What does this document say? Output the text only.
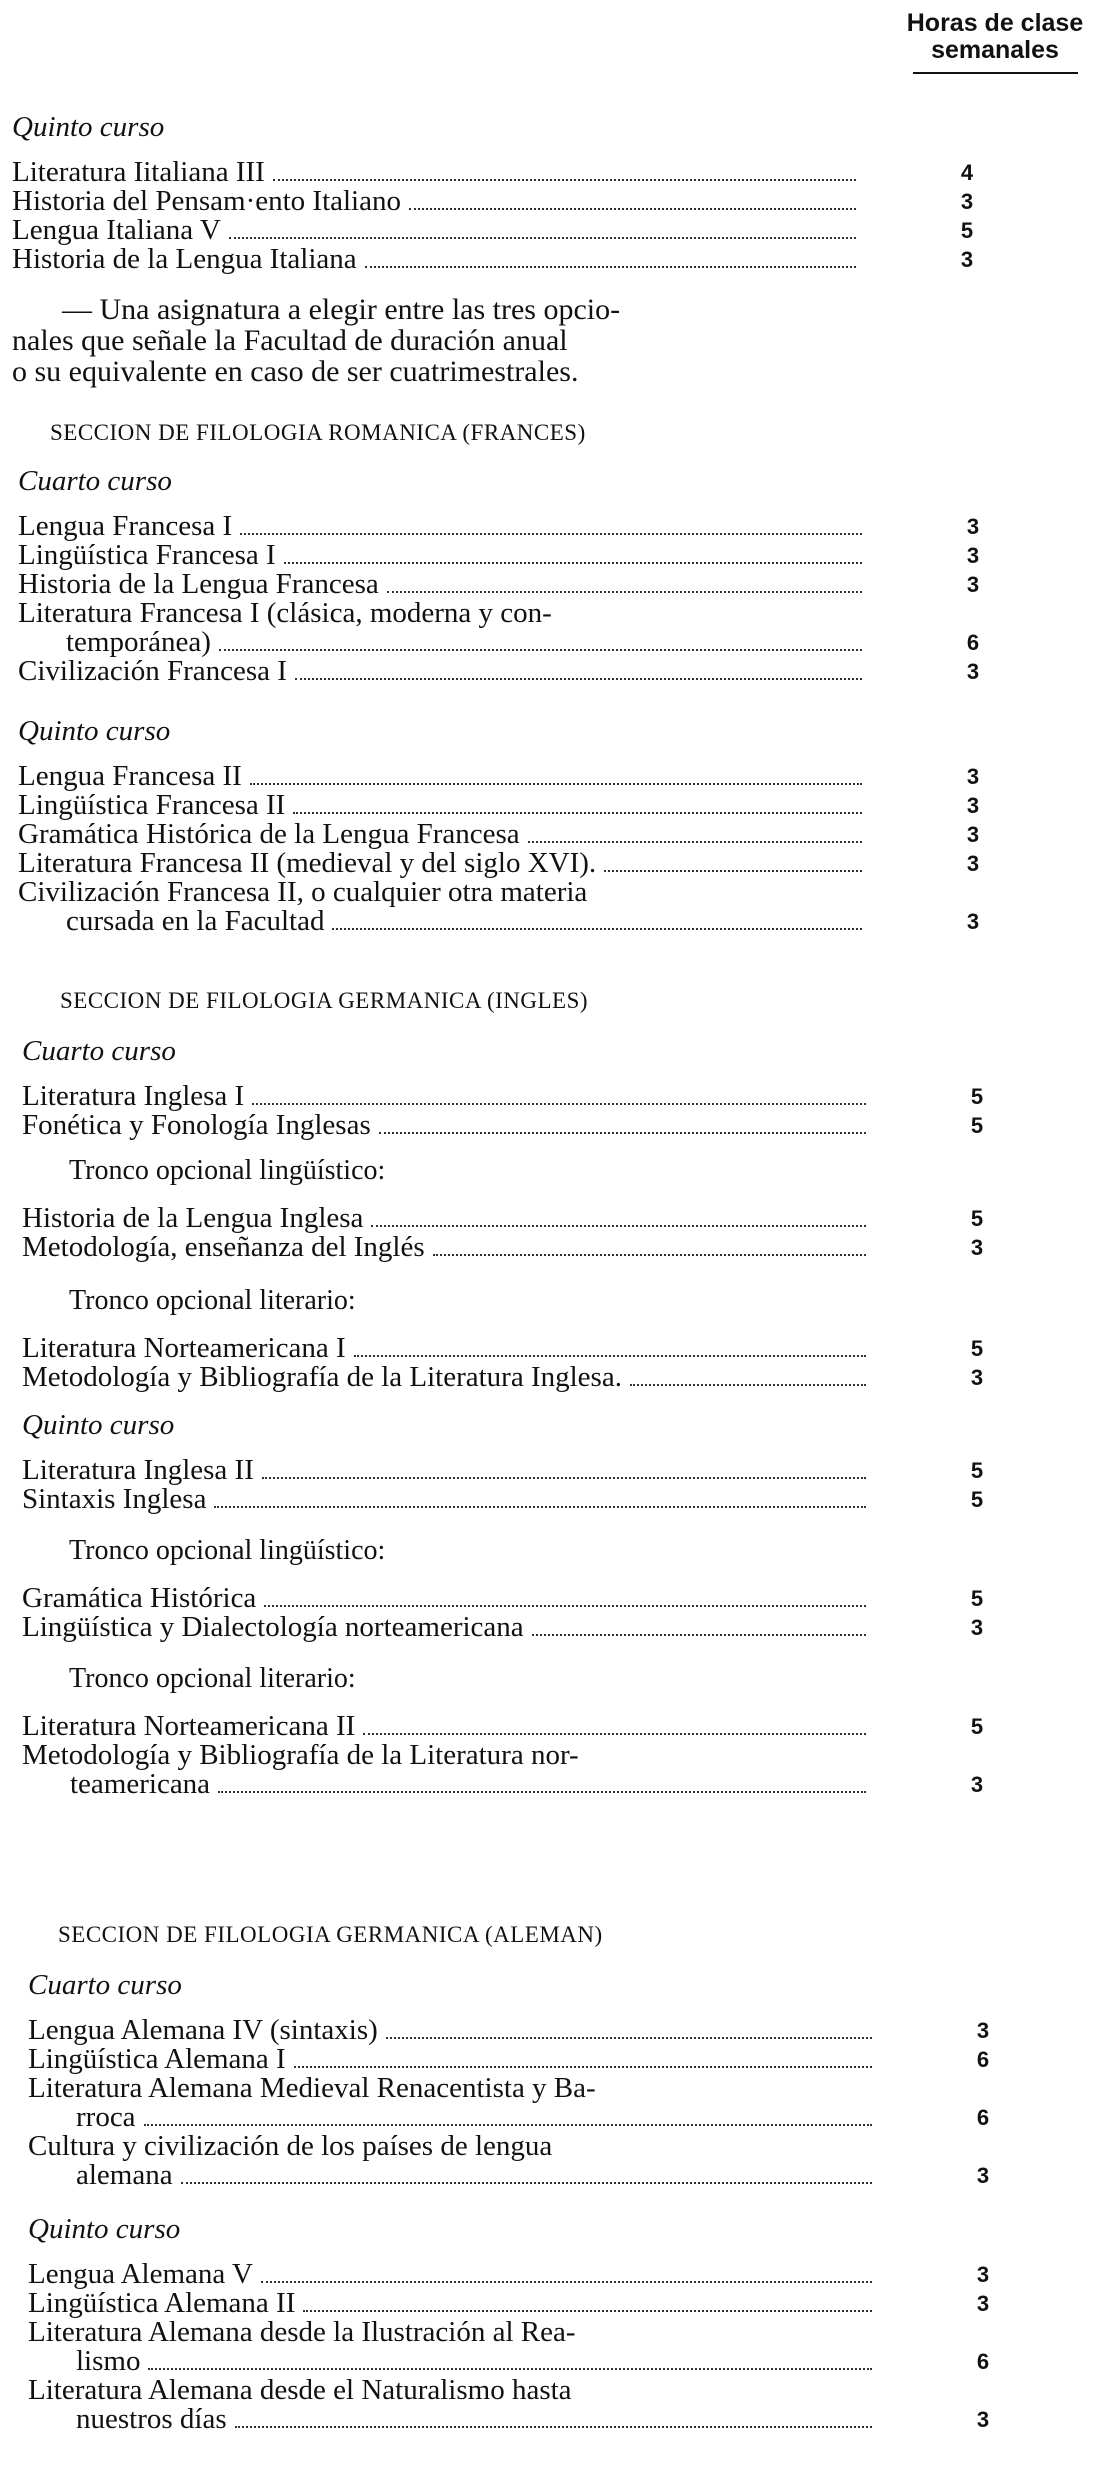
Horas de clase
semanales
Quinto curso
Literatura Iitaliana III	4
Historia del Pensam·ento Italiano	3
Lengua Italiana V	5
Historia de la Lengua Italiana	3
— Una asignatura a elegir entre las tres opcio-
nales que señale la Facultad de duración anual
o su equivalente en caso de ser cuatrimestrales.
SECCION DE FILOLOGIA ROMANICA (FRANCES)
Cuarto curso
Lengua Francesa I	3
Lingüística Francesa I	3
Historia de la Lengua Francesa	3
Literatura Francesa I (clásica, moderna y con-
temporánea)	6
Civilización Francesa I	3
Quinto curso
Lengua Francesa II	3
Lingüística Francesa II	3
Gramática Histórica de la Lengua Francesa	3
Literatura Francesa II (medieval y del siglo XVI).	3
Civilización Francesa II, o cualquier otra materia
cursada en la Facultad	3
SECCION DE FILOLOGIA GERMANICA (INGLES)
Cuarto curso
Literatura Inglesa I	5
Fonética y Fonología Inglesas	5
Tronco opcional lingüístico:
Historia de la Lengua Inglesa	5
Metodología, enseñanza del Inglés	3
Tronco opcional literario:
Literatura Norteamericana I	5
Metodología y Bibliografía de la Literatura Inglesa.	3
Quinto curso
Literatura Inglesa II	5
Sintaxis Inglesa	5
Tronco opcional lingüístico:
Gramática Histórica	5
Lingüística y Dialectología norteamericana	3
Tronco opcional literario:
Literatura Norteamericana II	5
Metodología y Bibliografía de la Literatura nor-
teamericana	3
SECCION DE FILOLOGIA GERMANICA (ALEMAN)
Cuarto curso
Lengua Alemana IV (sintaxis)	3
Lingüística Alemana I	6
Literatura Alemana Medieval Renacentista y Ba-
rroca	6
Cultura y civilización de los países de lengua
alemana	3
Quinto curso
Lengua Alemana V	3
Lingüística Alemana II	3
Literatura Alemana desde la Ilustración al Rea-
lismo	6
Literatura Alemana desde el Naturalismo hasta
nuestros días	3
